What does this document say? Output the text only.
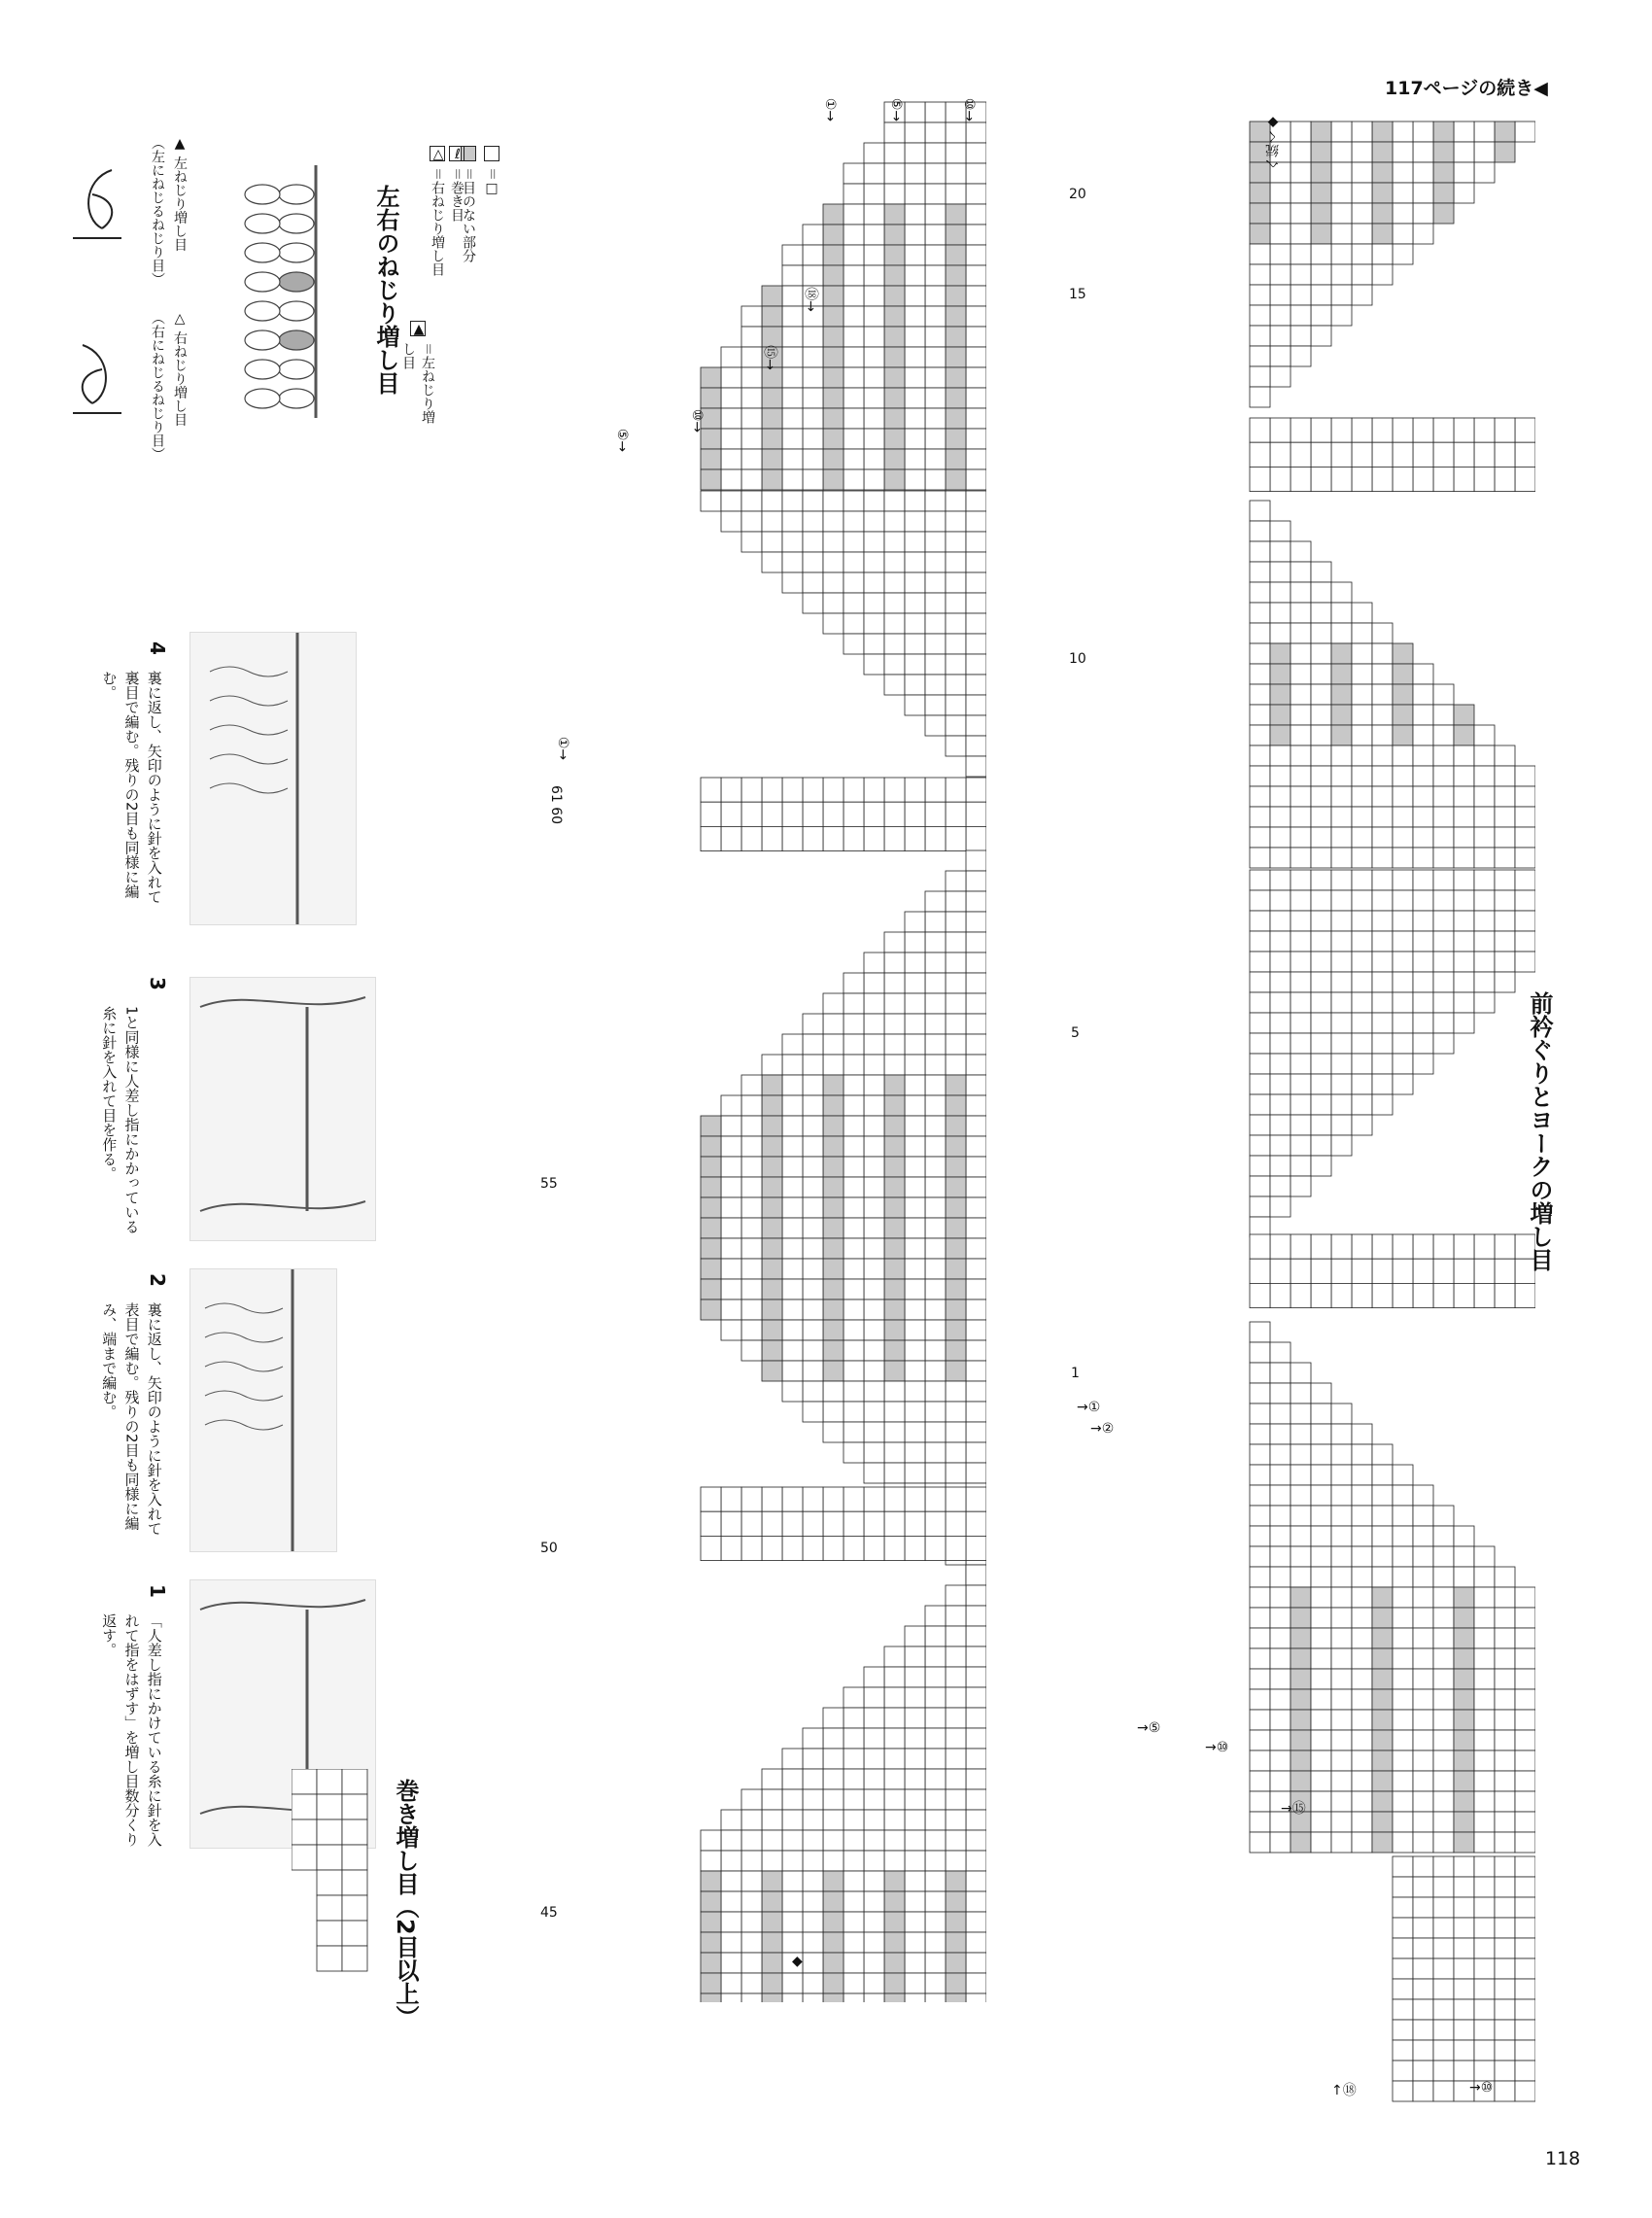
117ページの続き◀
118
へ続く◆
前衿ぐりとヨークの増し目
20
15
10
5
1
→①
→②
→⑤
→⑩
→⑮
↑⑱	→⑩
61 60
55
50
45
⑩→
⑤→
①→
⑱→
⑮→
⑩→
⑤→
①→
◆
＝□
＝目のない部分
ℓ
＝巻き目
△
＝右ねじり増し目
▲
＝左ねじり増し目
左右のねじり増し目
▲ 左ねじり増し目
（左にねじるねじり目）
△ 右ねじり増し目
（右にねじるねじり目）
4
裏に返し、矢印のように針を入れて裏目で編む。残りの2目も同様に編む。
3
1と同様に人差し指にかかっている糸に針を入れて目を作る。
2
裏に返し、矢印のように針を入れて表目で編む。残りの2目も同様に編み、端まで編む。
1
「人差し指にかけている糸に針を入れて指をはずす」を増し目数分くり返す。
巻き増し目（2目以上）
